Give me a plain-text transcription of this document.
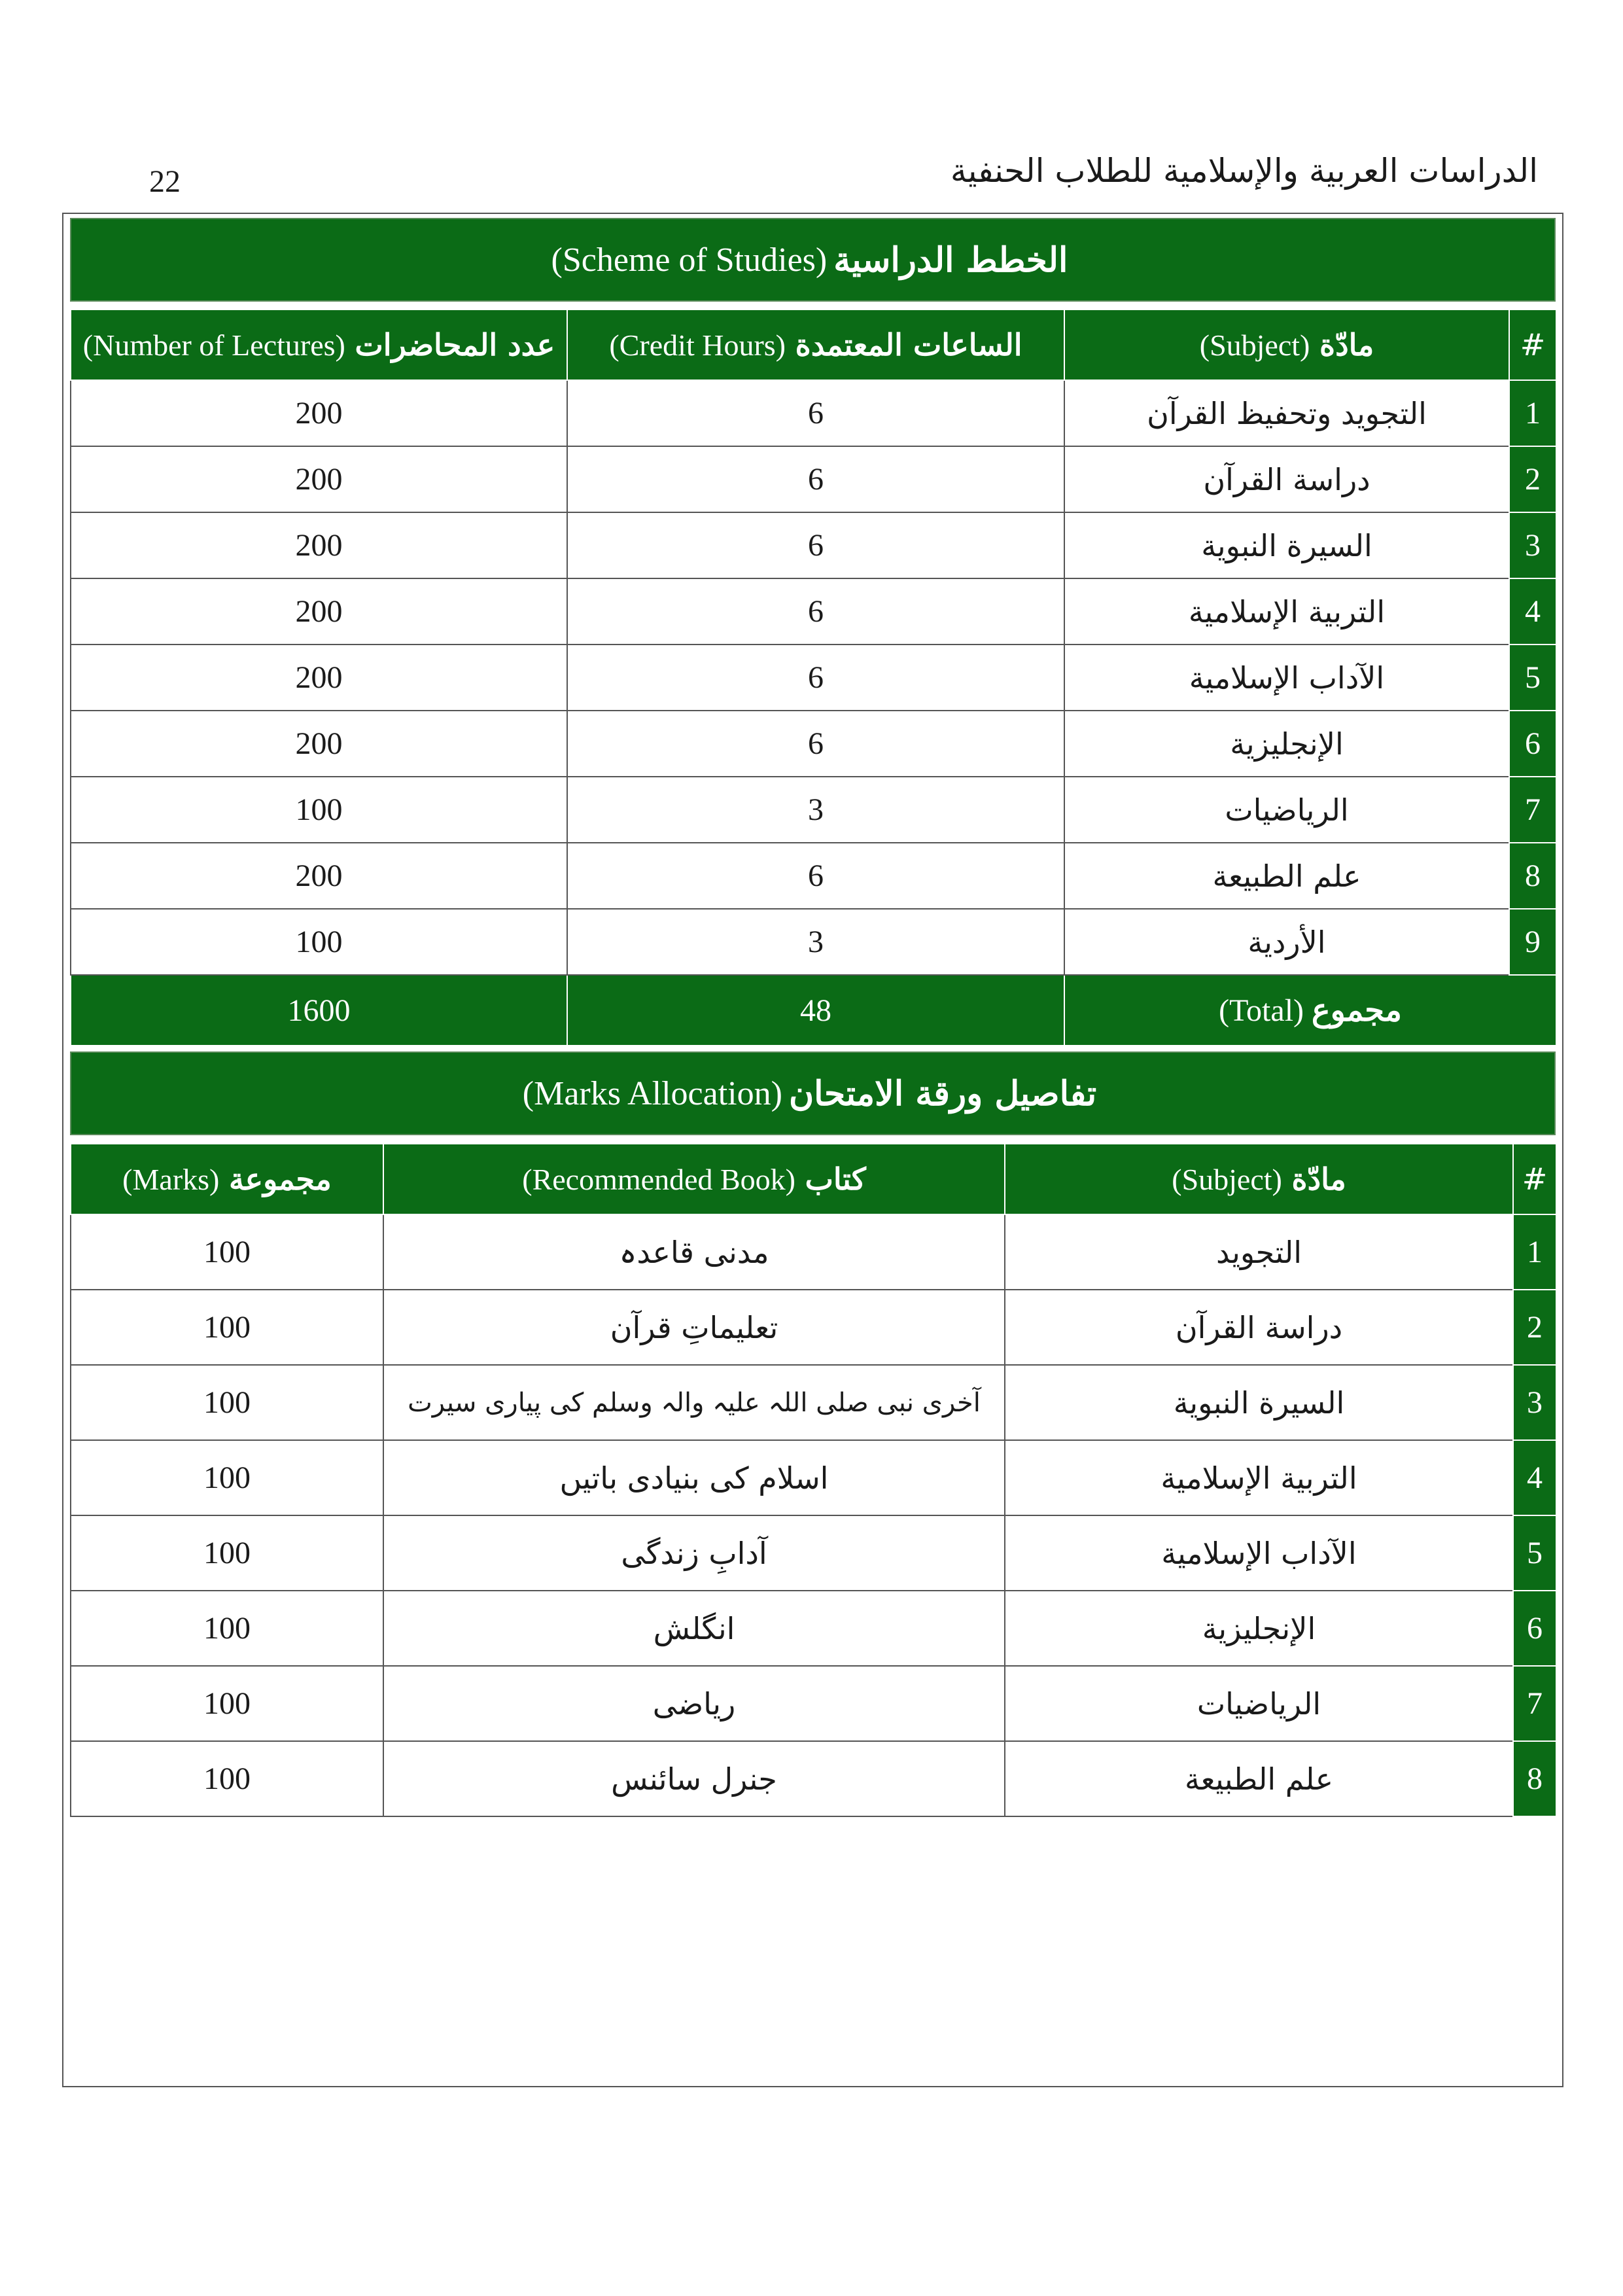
22	الدراسات العربية والإسلامية للطلاب الحنفية
(Scheme of Studies) الخطط الدراسية
#	مادّة (Subject)	الساعات المعتمدة (Credit Hours)	عدد المحاضرات (Number of Lectures)
1	التجويد وتحفيظ القرآن	6	200
2	دراسة القرآن	6	200
3	السيرة النبوية	6	200
4	التربية الإسلامية	6	200
5	الآداب الإسلامية	6	200
6	الإنجليزية	6	200
7	الرياضيات	3	100
8	علم الطبيعة	6	200
9	الأردية	3	100
مجموع (Total)		48	1600
(Marks Allocation) تفاصيل ورقة الامتحان
#	مادّة (Subject)	كتاب (Recommended Book)	مجموعة (Marks)
1	التجويد	مدنی قاعدہ	100
2	دراسة القرآن	تعلیماتِ قرآن	100
3	السيرة النبوية	آخری نبی صلی اللہ علیہ والہ وسلم کی پیاری سیرت	100
4	التربية الإسلامية	اسلام کی بنیادی باتیں	100
5	الآداب الإسلامية	آدابِ زندگی	100
6	الإنجليزية	انگلش	100
7	الرياضيات	ریاضی	100
8	علم الطبيعة	جنرل سائنس	100
